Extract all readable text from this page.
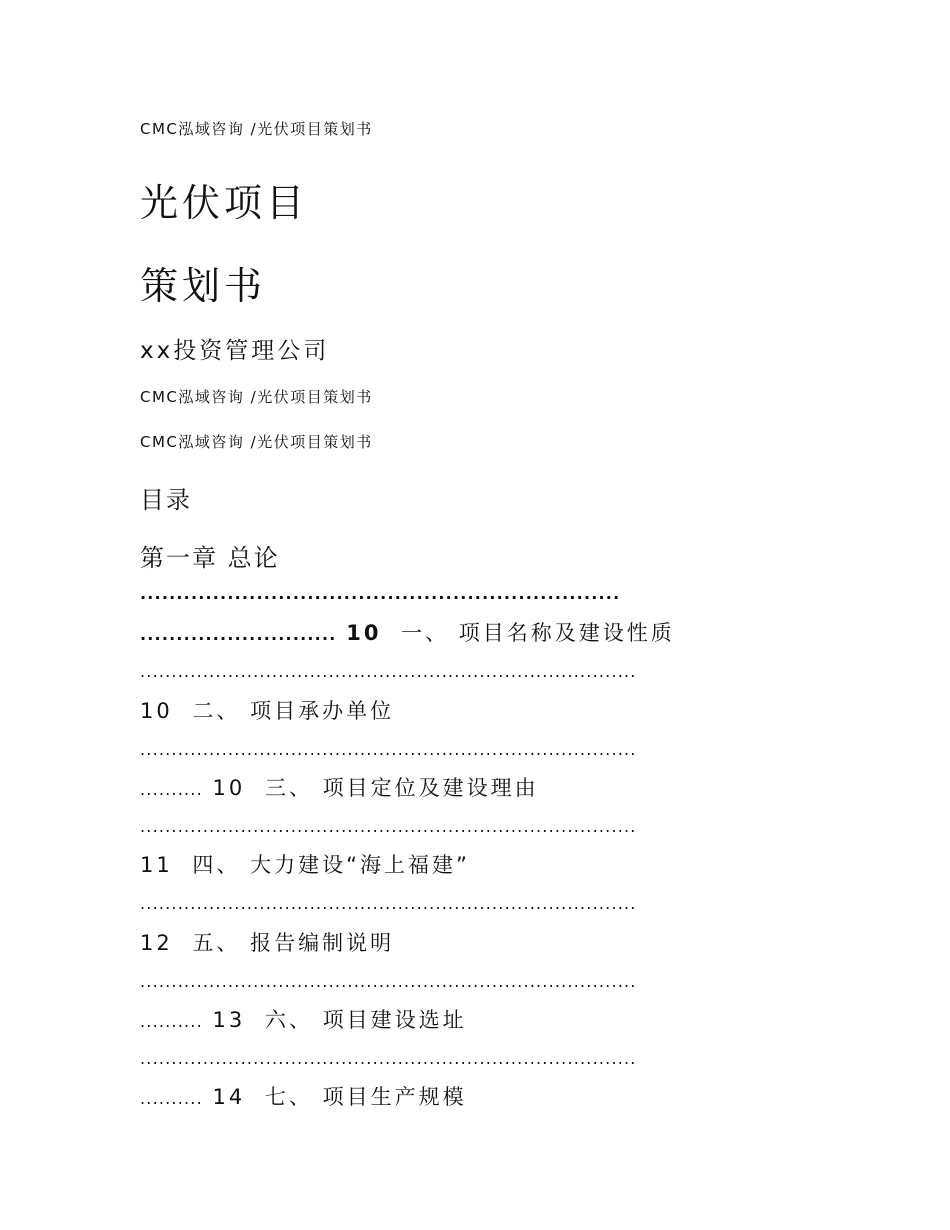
CMC泓域咨询 /光伏项目策划书
光伏项目
策划书
xx投资管理公司
CMC泓域咨询 /光伏项目策划书
CMC泓域咨询 /光伏项目策划书
目录
第一章 总论
..................................................................
........................... 10 一、 项目名称及建设性质
...............................................................................
10 二、 项目承办单位
...............................................................................
.......... 10 三、 项目定位及建设理由
...............................................................................
11 四、 大力建设“海上福建”
...............................................................................
12 五、 报告编制说明
...............................................................................
.......... 13 六、 项目建设选址
...............................................................................
.......... 14 七、 项目生产规模
